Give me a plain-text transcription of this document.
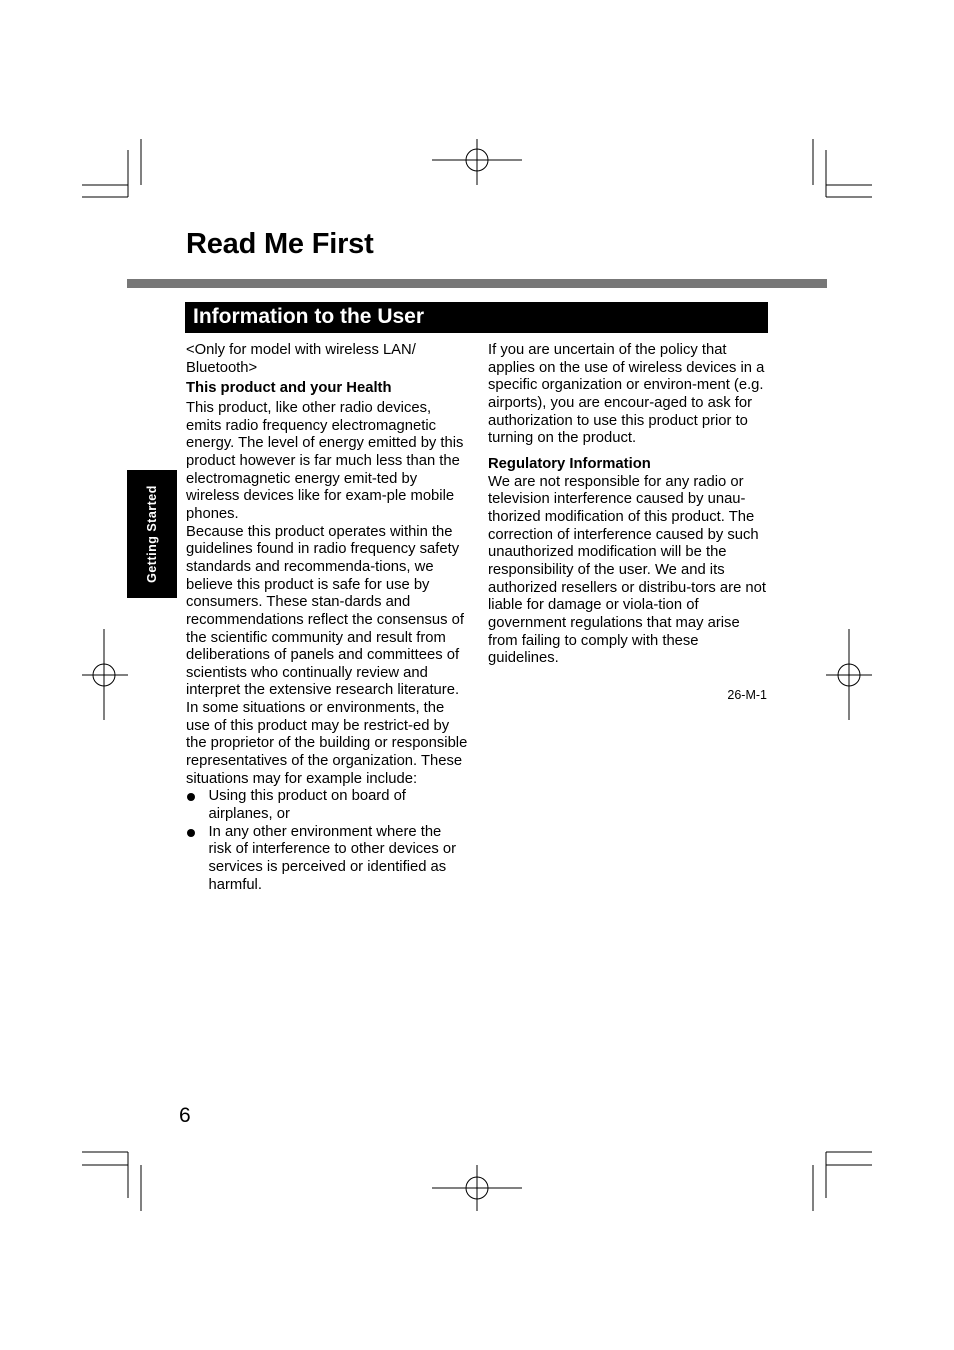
Read Me First
Information to the User
Getting Started

<Only for model with wireless LAN/ Bluetooth>

This product and your Health

This product, like other radio devices, emits radio frequency electromagnetic energy. The level of energy emitted by this product however is far much less than the electromagnetic energy emit-ted by wireless devices like for exam-ple mobile phones.

Because this product operates within the guidelines found in radio frequency safety standards and recommenda-tions, we believe this product is safe for use by consumers. These stan-dards and recommendations reflect the consensus of the scientific community and result from deliberations of panels and committees of scientists who continually review and interpret the extensive research literature.

In some situations or environments, the use of this product may be restrict-ed by the proprietor of the building or responsible representatives of the organization. These situations may for example include:

Using this product on board of airplanes, or
In any other environment where the risk of interference to other devices or services is perceived or identified as harmful.

If you are uncertain of the policy that applies on the use of wireless devices in a specific organization or environ-ment (e.g. airports), you are encour-aged to ask for authorization to use this product prior to turning on the product.

Regulatory Information

We are not responsible for any radio or television interference caused by unau-thorized modification of this product. The correction of interference caused by such unauthorized modification will be the responsibility of the user. We and its authorized resellers or distribu-tors are not liable for damage or viola-tion of government regulations that may arise from failing to comply with these guidelines.

26-M-1
6
